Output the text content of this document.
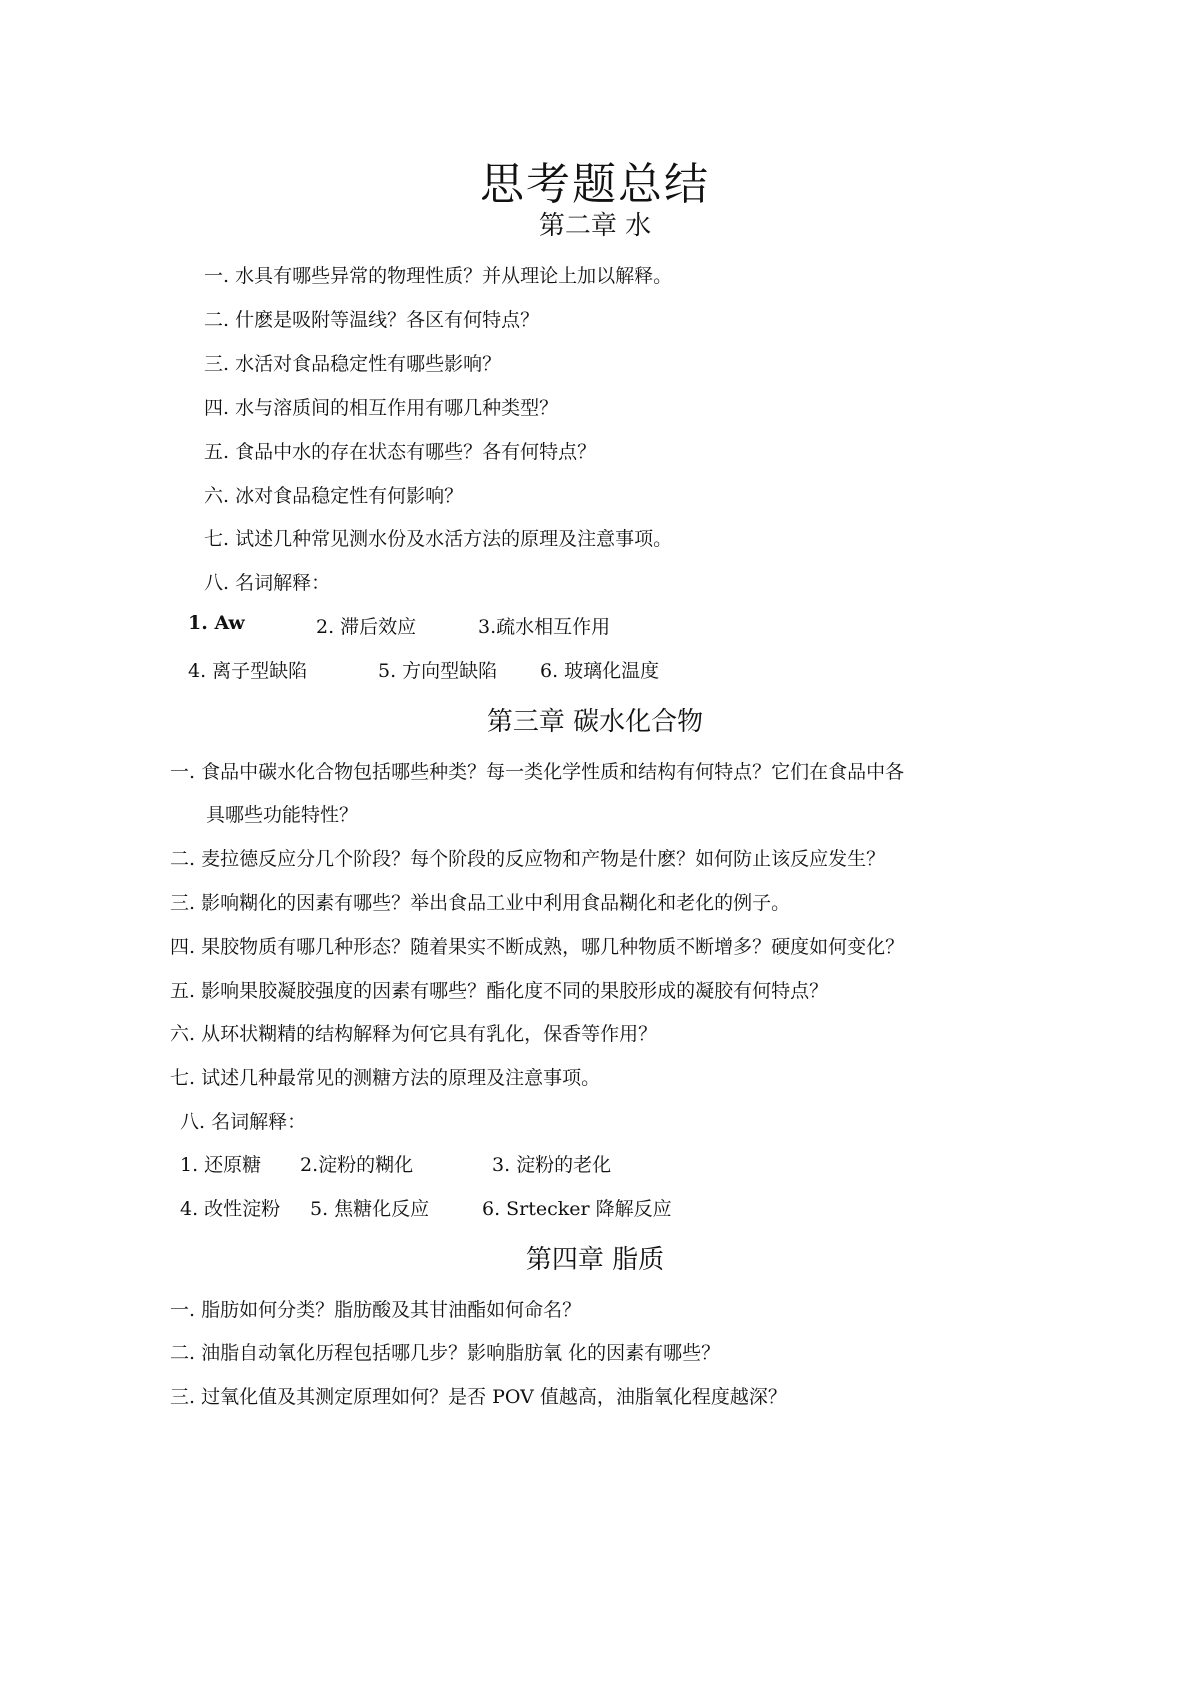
思考题总结
第二章 水
一. 水具有哪些异常的物理性质？并从理论上加以解释。
二. 什麽是吸附等温线？各区有何特点？
三. 水活对食品稳定性有哪些影响？
四. 水与溶质间的相互作用有哪几种类型？
五. 食品中水的存在状态有哪些？各有何特点？
六. 冰对食品稳定性有何影响？
七. 试述几种常见测水份及水活方法的原理及注意事项。
八. 名词解释：
1. Aw	2. 滞后效应	3.疏水相互作用
4. 离子型缺陷	5. 方向型缺陷 6. 玻璃化温度
第三章 碳水化合物
一. 食品中碳水化合物包括哪些种类？每一类化学性质和结构有何特点？它们在食品中各
具哪些功能特性？
二. 麦拉德反应分几个阶段？每个阶段的反应物和产物是什麽？如何防止该反应发生？
三. 影响糊化的因素有哪些？举出食品工业中利用食品糊化和老化的例子。
四. 果胶物质有哪几种形态？随着果实不断成熟，哪几种物质不断增多？硬度如何变化？
五. 影响果胶凝胶强度的因素有哪些？酯化度不同的果胶形成的凝胶有何特点？
六. 从环状糊精的结构解释为何它具有乳化，保香等作用？
七. 试述几种最常见的测糖方法的原理及注意事项。
八. 名词解释：
1. 还原糖 2.淀粉的糊化	3. 淀粉的老化
4. 改性淀粉 5. 焦糖化反应	6. Srtecker 降解反应
第四章 脂质
一. 脂肪如何分类？脂肪酸及其甘油酯如何命名？
二. 油脂自动氧化历程包括哪几步？影响脂肪氧 化的因素有哪些？
三. 过氧化值及其测定原理如何？是否 POV 值越高，油脂氧化程度越深？
